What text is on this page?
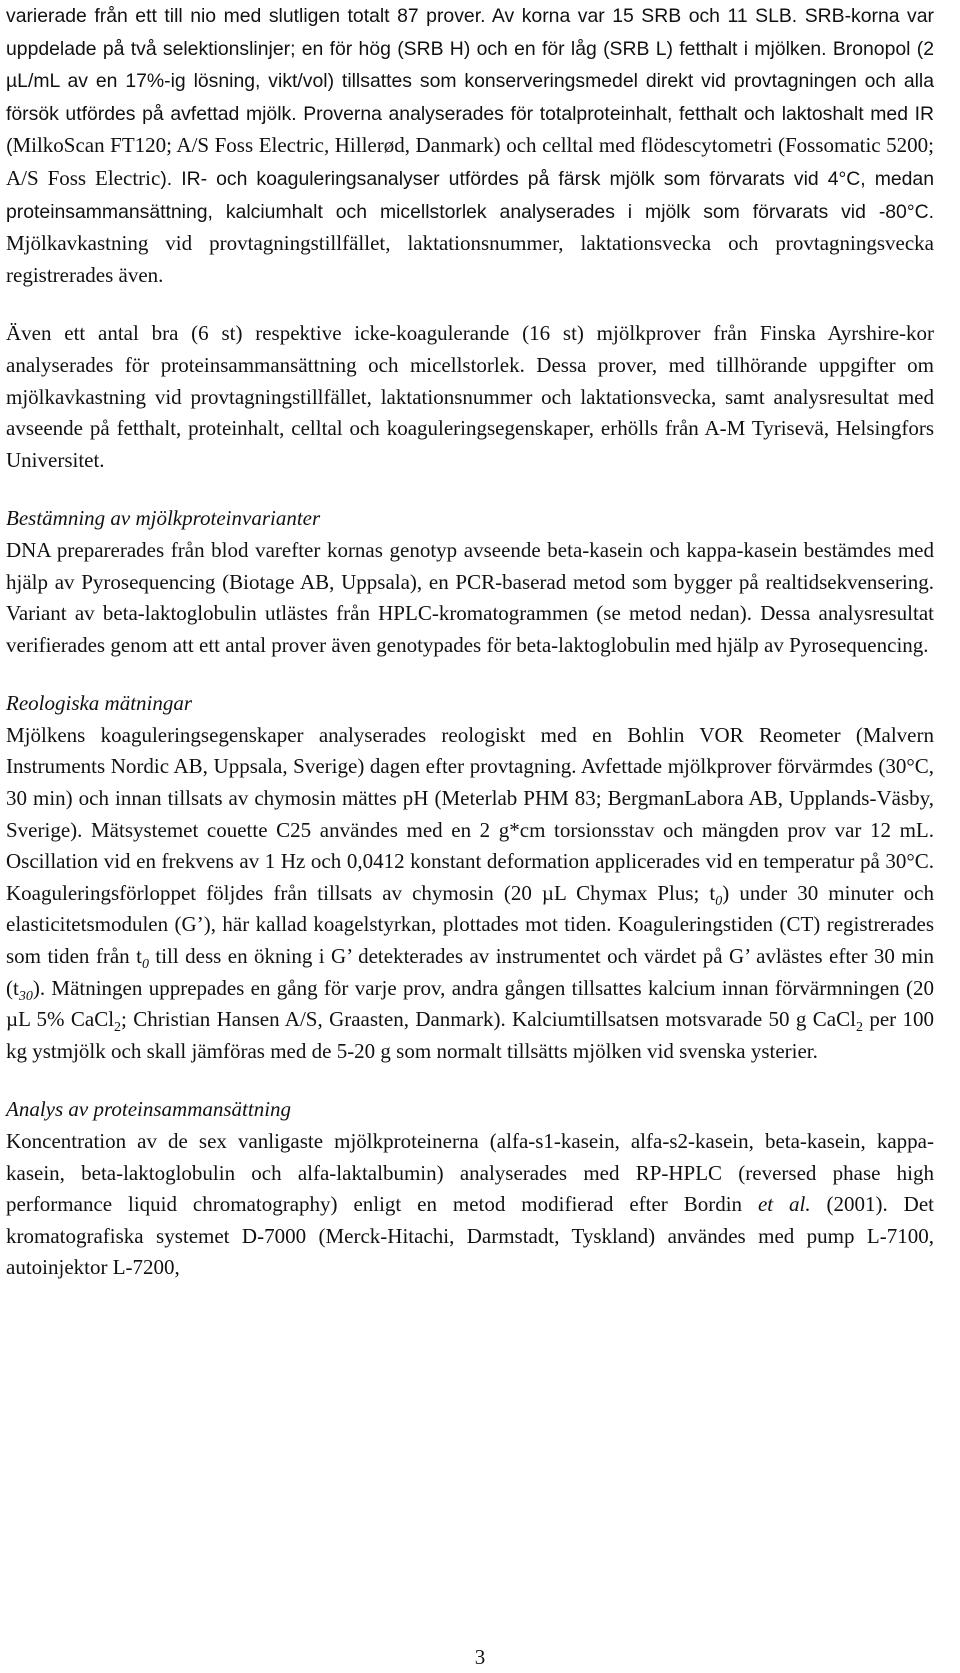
varierade från ett till nio med slutligen totalt 87 prover. Av korna var 15 SRB och 11 SLB. SRB-korna var uppdelade på två selektionslinjer; en för hög (SRB H) och en för låg (SRB L) fetthalt i mjölken. Bronopol (2 µL/mL av en 17%-ig lösning, vikt/vol) tillsattes som konserveringsmedel direkt vid provtagningen och alla försök utfördes på avfettad mjölk. Proverna analyserades för totalproteinhalt, fetthalt och laktoshalt med IR (MilkoScan FT120; A/S Foss Electric, Hillerød, Danmark) och celltal med flödescytometri (Fossomatic 5200; A/S Foss Electric). IR- och koaguleringsanalyser utfördes på färsk mjölk som förvarats vid 4°C, medan proteinsammansättning, kalciumhalt och micellstorlek analyserades i mjölk som förvarats vid -80°C. Mjölkavkastning vid provtagningstillfället, laktationsnummer, laktationsvecka och provtagningsvecka registrerades även.

Även ett antal bra (6 st) respektive icke-koagulerande (16 st) mjölkprover från Finska Ayrshire-kor analyserades för proteinsammansättning och micellstorlek. Dessa prover, med tillhörande uppgifter om mjölkavkastning vid provtagningstillfället, laktationsnummer och laktationsvecka, samt analysresultat med avseende på fetthalt, proteinhalt, celltal och koaguleringsegenskaper, erhölls från A-M Tyrisevä, Helsingfors Universitet.

Bestämning av mjölkproteinvarianter

DNA preparerades från blod varefter kornas genotyp avseende beta-kasein och kappa-kasein bestämdes med hjälp av Pyrosequencing (Biotage AB, Uppsala), en PCR-baserad metod som bygger på realtidsekvensering. Variant av beta-laktoglobulin utlästes från HPLC-kromatogrammen (se metod nedan). Dessa analysresultat verifierades genom att ett antal prover även genotypades för beta-laktoglobulin med hjälp av Pyrosequencing.

Reologiska mätningar

Mjölkens koaguleringsegenskaper analyserades reologiskt med en Bohlin VOR Reometer (Malvern Instruments Nordic AB, Uppsala, Sverige) dagen efter provtagning. Avfettade mjölkprover förvärmdes (30°C, 30 min) och innan tillsats av chymosin mättes pH (Meterlab PHM 83; BergmanLabora AB, Upplands-Väsby, Sverige). Mätsystemet couette C25 användes med en 2 g*cm torsionsstav och mängden prov var 12 mL. Oscillation vid en frekvens av 1 Hz och 0,0412 konstant deformation applicerades vid en temperatur på 30°C. Koaguleringsförloppet följdes från tillsats av chymosin (20 µL Chymax Plus; $t_0$) under 30 minuter och elasticitetsmodulen (G’), här kallad koagelstyrkan, plottades mot tiden. Koaguleringstiden (CT) registrerades som tiden från $t_0$ till dess en ökning i G’ detekterades av instrumentet och värdet på G’ avlästes efter 30 $\min (t_{30})$. Mätningen upprepades en gång för varje prov, andra gången tillsattes kalcium innan förvärmningen (20 µL 5% CaCl$_2$; Christian Hansen A/S, Graasten, Danmark). Kalciumtillsatsen motsvarade 50 g CaCl$_2$ per 100 kg ystmjölk och skall jämföras med de 5-20 g som normalt tillsätts mjölken vid svenska ysterier.

Analys av proteinsammansättning

Koncentration av de sex vanligaste mjölkproteinerna (alfa-s1-kasein, alfa-s2-kasein, beta-kasein, kappa-kasein, beta-laktoglobulin och alfa-laktalbumin) analyserades med RP-HPLC (reversed phase high performance liquid chromatography) enligt en metod modifierad efter Bordin et al. (2001). Det kromatografiska systemet D-7000 (Merck-Hitachi, Darmstadt, Tyskland) användes med pump L-7100, autoinjektor L-7200,

3
